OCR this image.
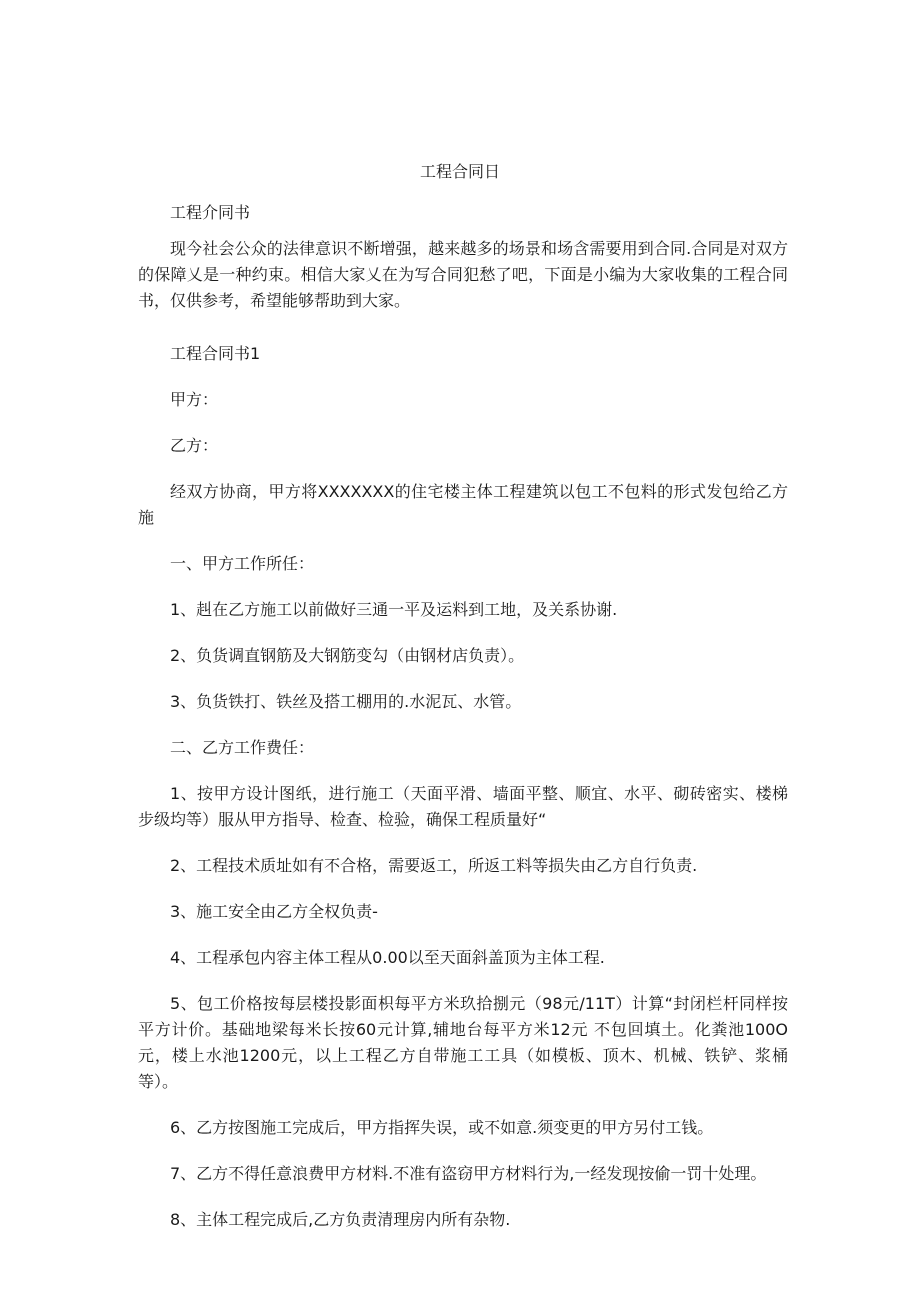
工程合同日

工程介同书

现今社会公众的法律意识不断增强，越来越多的场景和场含需要用到合同.合同是对双方的保障乂是一种约束。相信大家乂在为写合同犯愁了吧，下面是小编为大家收集的工程合同书，仅供参考，希望能够帮助到大家。

工程合同书1

甲方：

乙方：

经双方协商，甲方将XXXXXXX的住宅楼主体工程建筑以包工不包料的形式发包给乙方施

一、甲方工作所任：

1、赳在乙方施工以前做好三通一平及运料到工地，及关系协谢.

2、负货调直钢筋及大钢筋变勾（由钢材店负责）。

3、负货铁打、铁丝及搭工棚用的.水泥瓦、水管。

二、乙方工作费任：

1、按甲方设计图纸，进行施工（天面平滑、墙面平整、顺宜、水平、砌砖密实、楼梯步级均等）服从甲方指导、检查、检验，确保工程质量好“

2、工程技术质址如有不合格，需要返工，所返工料等损失由乙方自行负责.

3、施工安全由乙方全权负责-

4、工程承包内容主体工程从0.00以至天面斜盖顶为主体工程.

5、包工价格按每层楼投影面枳每平方米玖拾捌元（98元/11T）计算“封闭栏杆同样按平方计价。基础地梁每米长按60元计算,辅地台每平方米12元 不包回填土。化粪池100O元，楼上水池1200元，以上工程乙方自带施工工具（如模板、顶木、机械、铁铲、浆桶等）。

6、乙方按图施工完成后，甲方指挥失误，或不如意.须变更的甲方另付工钱。

7、乙方不得任意浪费甲方材料.不准有盗窃甲方材料行为,一经发现按偷一罚十处理。

8、主体工程完成后,乙方负责清理房内所有杂物.
